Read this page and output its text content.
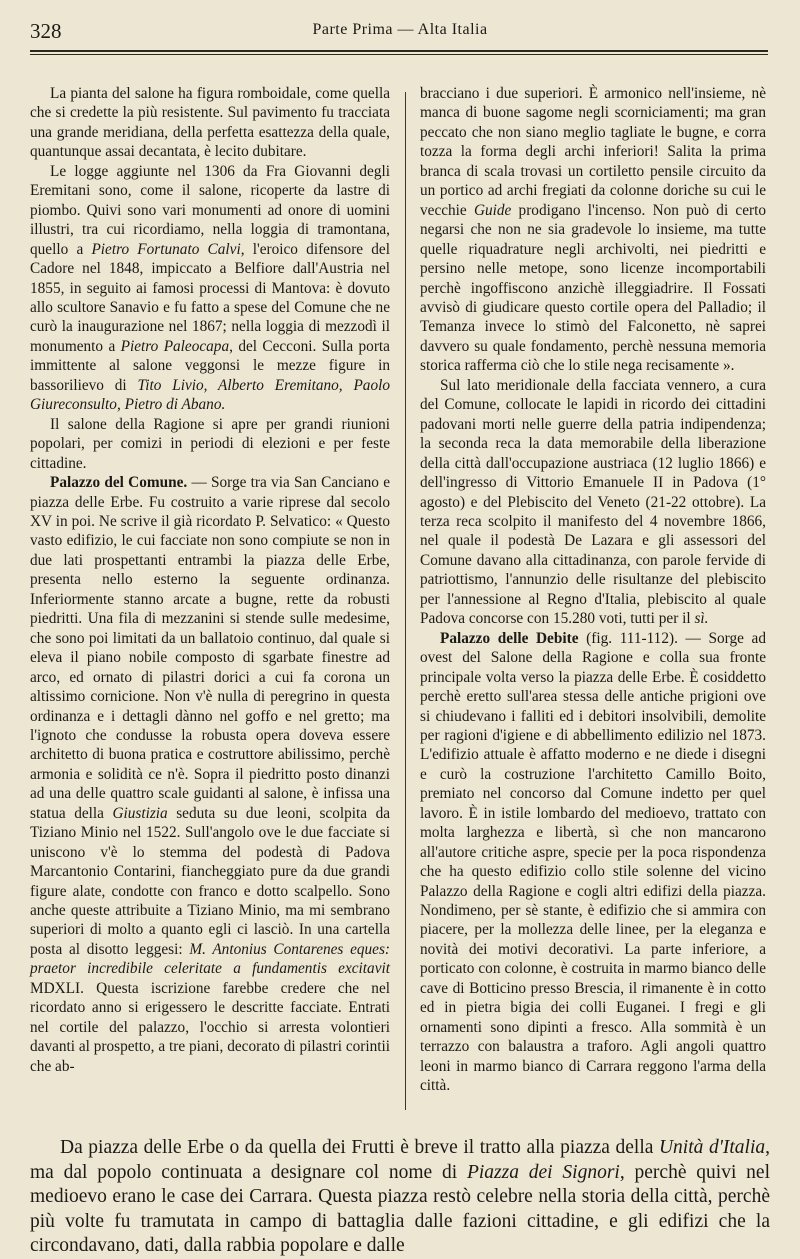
328	Parte Prima — Alta Italia

La pianta del salone ha figura romboidale, come quella che si credette la più resistente. Sul pavimento fu tracciata una grande meridiana, della perfetta esattezza della quale, quantunque assai decantata, è lecito dubitare.

Le logge aggiunte nel 1306 da Fra Giovanni degli Eremitani sono, come il salone, ricoperte da lastre di piombo. Quivi sono vari monumenti ad onore di uomini illustri, tra cui ricordiamo, nella loggia di tramontana, quello a Pietro Fortunato Calvi, l'eroico difensore del Cadore nel 1848, impiccato a Belfiore dall'Austria nel 1855, in seguito ai famosi processi di Mantova: è dovuto allo scultore Sanavio e fu fatto a spese del Comune che ne curò la inaugurazione nel 1867; nella loggia di mezzodì il monumento a Pietro Paleocapa, del Cecconi. Sulla porta immittente al salone veggonsi le mezze figure in bassorilievo di Tito Livio, Alberto Eremitano, Paolo Giureconsulto, Pietro di Abano.

Il salone della Ragione si apre per grandi riunioni popolari, per comizi in periodi di elezioni e per feste cittadine.

Palazzo del Comune. — Sorge tra via San Canciano e piazza delle Erbe. Fu costruito a varie riprese dal secolo XV in poi. Ne scrive il già ricordato P. Selvatico: « Questo vasto edifizio, le cui facciate non sono compiute se non in due lati prospettanti entrambi la piazza delle Erbe, presenta nello esterno la seguente ordinanza. Inferiormente stanno arcate a bugne, rette da robusti piedritti. Una fila di mezzanini si stende sulle medesime, che sono poi limitati da un ballatoio continuo, dal quale si eleva il piano nobile composto di sgarbate finestre ad arco, ed ornato di pilastri dorici a cui fa corona un altissimo cornicione. Non v'è nulla di peregrino in questa ordinanza e i dettagli dànno nel goffo e nel gretto; ma l'ignoto che condusse la robusta opera doveva essere architetto di buona pratica e costruttore abilissimo, perchè armonia e solidità ce n'è. Sopra il piedritto posto dinanzi ad una delle quattro scale guidanti al salone, è infissa una statua della Giustizia seduta su due leoni, scolpita da Tiziano Minio nel 1522. Sull'angolo ove le due facciate si uniscono v'è lo stemma del podestà di Padova Marcantonio Contarini, fiancheggiato pure da due grandi figure alate, condotte con franco e dotto scalpello. Sono anche queste attribuite a Tiziano Minio, ma mi sembrano superiori di molto a quanto egli ci lasciò. In una cartella posta al disotto leggesi: M. Antonius Contarenes eques: praetor incredibile celeritate a fundamentis excitavit MDXLI. Questa iscrizione farebbe credere che nel ricordato anno si erigessero le descritte facciate. Entrati nel cortile del palazzo, l'occhio si arresta volontieri davanti al prospetto, a tre piani, decorato di pilastri corintii che ab-

bracciano i due superiori. È armonico nell'insieme, nè manca di buone sagome negli scorniciamenti; ma gran peccato che non siano meglio tagliate le bugne, e corra tozza la forma degli archi inferiori! Salita la prima branca di scala trovasi un cortiletto pensile circuito da un portico ad archi fregiati da colonne doriche su cui le vecchie Guide prodigano l'incenso. Non può di certo negarsi che non ne sia gradevole lo insieme, ma tutte quelle riquadrature negli archivolti, nei piedritti e persino nelle metope, sono licenze incomportabili perchè ingoffiscono anzichè illeggiadrire. Il Fossati avvisò di giudicare questo cortile opera del Palladio; il Temanza invece lo stimò del Falconetto, nè saprei davvero su quale fondamento, perchè nessuna memoria storica rafferma ciò che lo stile nega recisamente ».

Sul lato meridionale della facciata vennero, a cura del Comune, collocate le lapidi in ricordo dei cittadini padovani morti nelle guerre della patria indipendenza; la seconda reca la data memorabile della liberazione della città dall'occupazione austriaca (12 luglio 1866) e dell'ingresso di Vittorio Emanuele II in Padova (1° agosto) e del Plebiscito del Veneto (21-22 ottobre). La terza reca scolpito il manifesto del 4 novembre 1866, nel quale il podestà De Lazara e gli assessori del Comune davano alla cittadinanza, con parole fervide di patriottismo, l'annunzio delle risultanze del plebiscito per l'annessione al Regno d'Italia, plebiscito al quale Padova concorse con 15.280 voti, tutti per il sì.

Palazzo delle Debite (fig. 111-112). — Sorge ad ovest del Salone della Ragione e colla sua fronte principale volta verso la piazza delle Erbe. È cosiddetto perchè eretto sull'area stessa delle antiche prigioni ove si chiudevano i falliti ed i debitori insolvibili, demolite per ragioni d'igiene e di abbellimento edilizio nel 1873. L'edifizio attuale è affatto moderno e ne diede i disegni e curò la costruzione l'architetto Camillo Boito, premiato nel concorso dal Comune indetto per quel lavoro. È in istile lombardo del medioevo, trattato con molta larghezza e libertà, sì che non mancarono all'autore critiche aspre, specie per la poca rispondenza che ha questo edifizio collo stile solenne del vicino Palazzo della Ragione e cogli altri edifizi della piazza. Nondimeno, per sè stante, è edifizio che si ammira con piacere, per la mollezza delle linee, per la eleganza e novità dei motivi decorativi. La parte inferiore, a porticato con colonne, è costruita in marmo bianco delle cave di Botticino presso Brescia, il rimanente è in cotto ed in pietra bigia dei colli Euganei. I fregi e gli ornamenti sono dipinti a fresco. Alla sommità è un terrazzo con balaustra a traforo. Agli angoli quattro leoni in marmo bianco di Carrara reggono l'arma della città.

Da piazza delle Erbe o da quella dei Frutti è breve il tratto alla piazza della Unità d'Italia, ma dal popolo continuata a designare col nome di Piazza dei Signori, perchè quivi nel medioevo erano le case dei Carrara. Questa piazza restò celebre nella storia della città, perchè più volte fu tramutata in campo di battaglia dalle fazioni cittadine, e gli edifizi che la circondavano, dati, dalla rabbia popolare e dalle
